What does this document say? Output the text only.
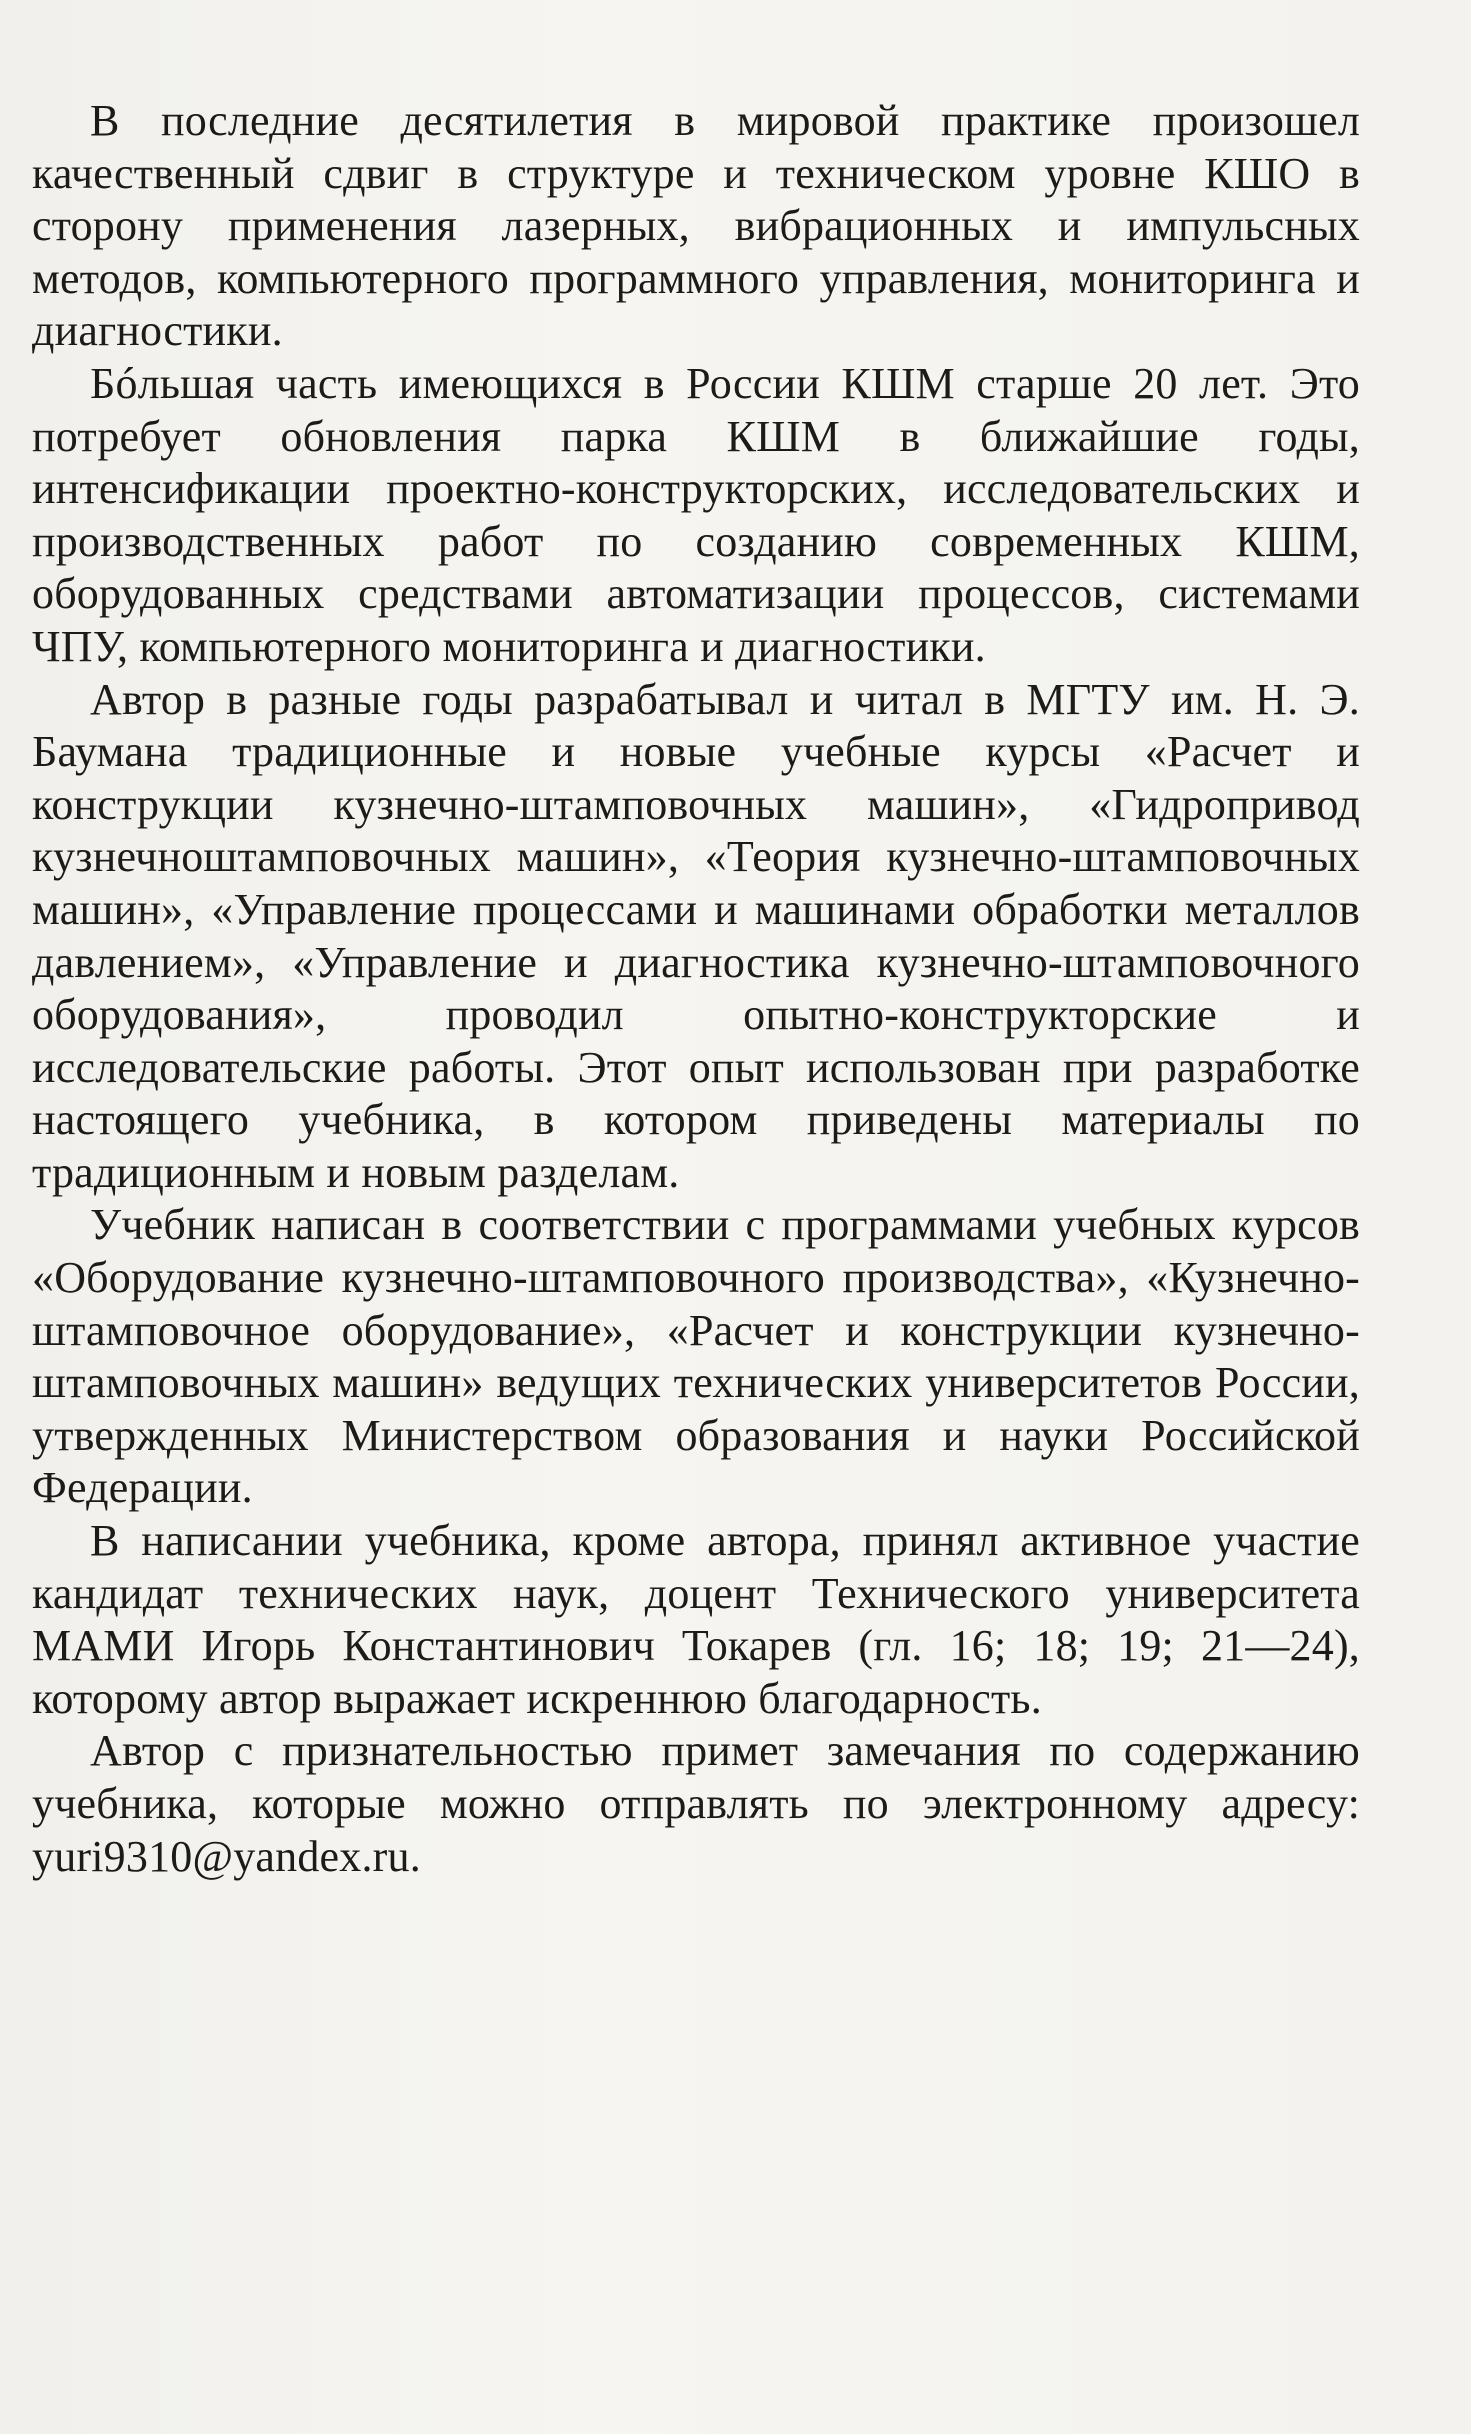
В последние десятилетия в мировой практике произошел качественный сдвиг в структуре и техническом уровне КШО в сторону применения лазерных, вибрационных и импульсных методов, компьютерного программного управления, мониторинга и диагностики.

Бóльшая часть имеющихся в России КШМ старше 20 лет. Это потребует обновления парка КШМ в ближайшие годы, интенсификации проектно-конструкторских, исследовательских и производственных работ по созданию современных КШМ, оборудованных средствами автоматизации процессов, системами ЧПУ, компьютерного мониторинга и диагностики.

Автор в разные годы разрабатывал и читал в МГТУ им. Н. Э. Баумана традиционные и новые учебные курсы «Расчет и конструкции кузнечно-штамповочных машин», «Гидропривод кузнечноштамповочных машин», «Теория кузнечно-штамповочных машин», «Управление процессами и машинами обработки металлов давлением», «Управление и диагностика кузнечно-штамповочного оборудования», проводил опытно-конструкторские и исследовательские работы. Этот опыт использован при разработке настоящего учебника, в котором приведены материалы по традиционным и новым разделам.

Учебник написан в соответствии с программами учебных курсов «Оборудование кузнечно-штамповочного производства», «Кузнечно-штамповочное оборудование», «Расчет и конструкции кузнечно-штамповочных машин» ведущих технических университетов России, утвержденных Министерством образования и науки Российской Федерации.

В написании учебника, кроме автора, принял активное участие кандидат технических наук, доцент Технического университета МАМИ Игорь Константинович Токарев (гл. 16; 18; 19; 21—24), которому автор выражает искреннюю благодарность.

Автор с признательностью примет замечания по содержанию учебника, которые можно отправлять по электронному адресу: yuri9310@yandex.ru.
